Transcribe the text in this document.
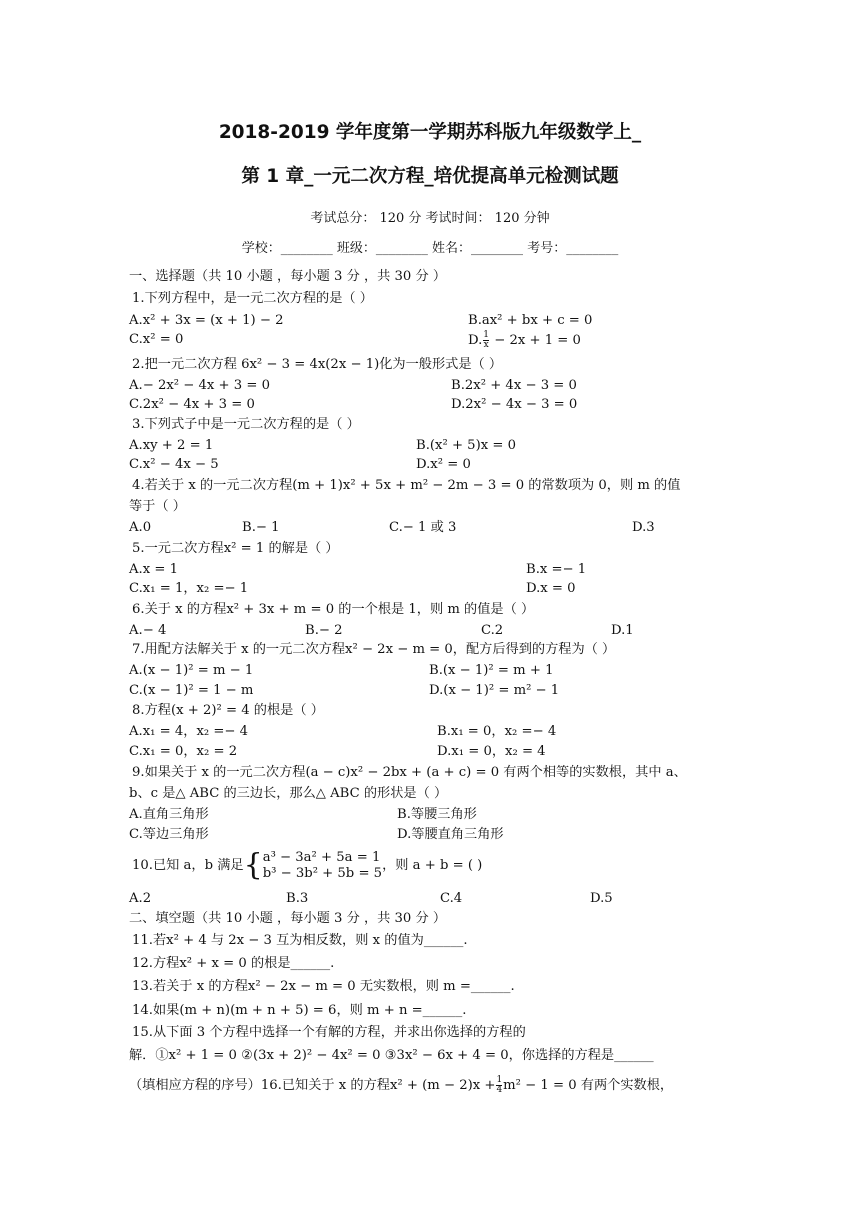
2018-2019 学年度第一学期苏科版九年级数学上_
第 1 章_一元二次方程_培优提高单元检测试题
考试总分： 120 分 考试时间： 120 分钟
学校：________ 班级：________ 姓名：________ 考号：________
一、选择题（共 10 小题 ，每小题 3 分 ，共 30 分 ）
1.下列方程中，是一元二次方程的是（ ）
A.x² + 3x = (x + 1) − 2	B.ax² + bx + c = 0
C.x² = 0	D. $\frac{1}{x} - 2x + 1 = 0$
2.把一元二次方程 6x² − 3 = 4x(2x − 1)化为一般形式是（ ）
A.− 2x² − 4x + 3 = 0	B.2x² + 4x − 3 = 0
C.2x² − 4x + 3 = 0	D.2x² − 4x − 3 = 0
3.下列式子中是一元二次方程的是（ ）
A.xy + 2 = 1	B.(x² + 5)x = 0
C.x² − 4x − 5	D.x² = 0
4.若关于 x 的一元二次方程(m + 1)x² + 5x + m² − 2m − 3 = 0 的常数项为 0，则 m 的值
等于（ ）
A.0	B.− 1	C.− 1 或 3	D.3
5.一元二次方程x² = 1 的解是（ ）
A.x = 1	B.x =− 1
C.x₁ = 1，x₂ =− 1	D.x = 0
6.关于 x 的方程x² + 3x + m = 0 的一个根是 1，则 m 的值是（ ）
A.− 4	B.− 2	C.2	D.1
7.用配方法解关于 x 的一元二次方程x² − 2x − m = 0，配方后得到的方程为（ ）
A.(x − 1)² = m − 1	B.(x − 1)² = m + 1
C.(x − 1)² = 1 − m	D.(x − 1)² = m² − 1
8.方程(x + 2)² = 4 的根是（ ）
A.x₁ = 4，x₂ =− 4	B.x₁ = 0，x₂ =− 4
C.x₁ = 0，x₂ = 2	D.x₁ = 0，x₂ = 4
9.如果关于 x 的一元二次方程(a − c)x² − 2bx + (a + c) = 0 有两个相等的实数根，其中 a、
b、c 是△ ABC 的三边长，那么△ ABC 的形状是（ ）
A.直角三角形	B.等腰三角形
C.等边三角形	D.等腰直角三角形
10.已知 a，b 满足{ a³ − 3a² + 5a = 1
b³ − 3b² + 5b = 5 ，则 a + b = ( )
A.2	B.3	C.4	D.5
二、填空题（共 10 小题 ，每小题 3 分 ，共 30 分 ）
11.若x² + 4 与 2x − 3 互为相反数，则 x 的值为______.
12.方程x² + x = 0 的根是______.
13.若关于 x 的方程x² − 2x − m = 0 无实数根，则 m =______.
14.如果(m + n)(m + n + 5) = 6，则 m + n =______.
15.从下面 3 个方程中选择一个有解的方程，并求出你选择的方程的
解．①x² + 1 = 0 ②(3x + 2)² − 4x² = 0 ③3x² − 6x + 4 = 0，你选择的方程是______
（填相应方程的序号）16.已知关于 x 的方程$x^2 + (m - 2)x + \frac{1}{4} m^2 - 1 = 0$ 有两个实数根，
